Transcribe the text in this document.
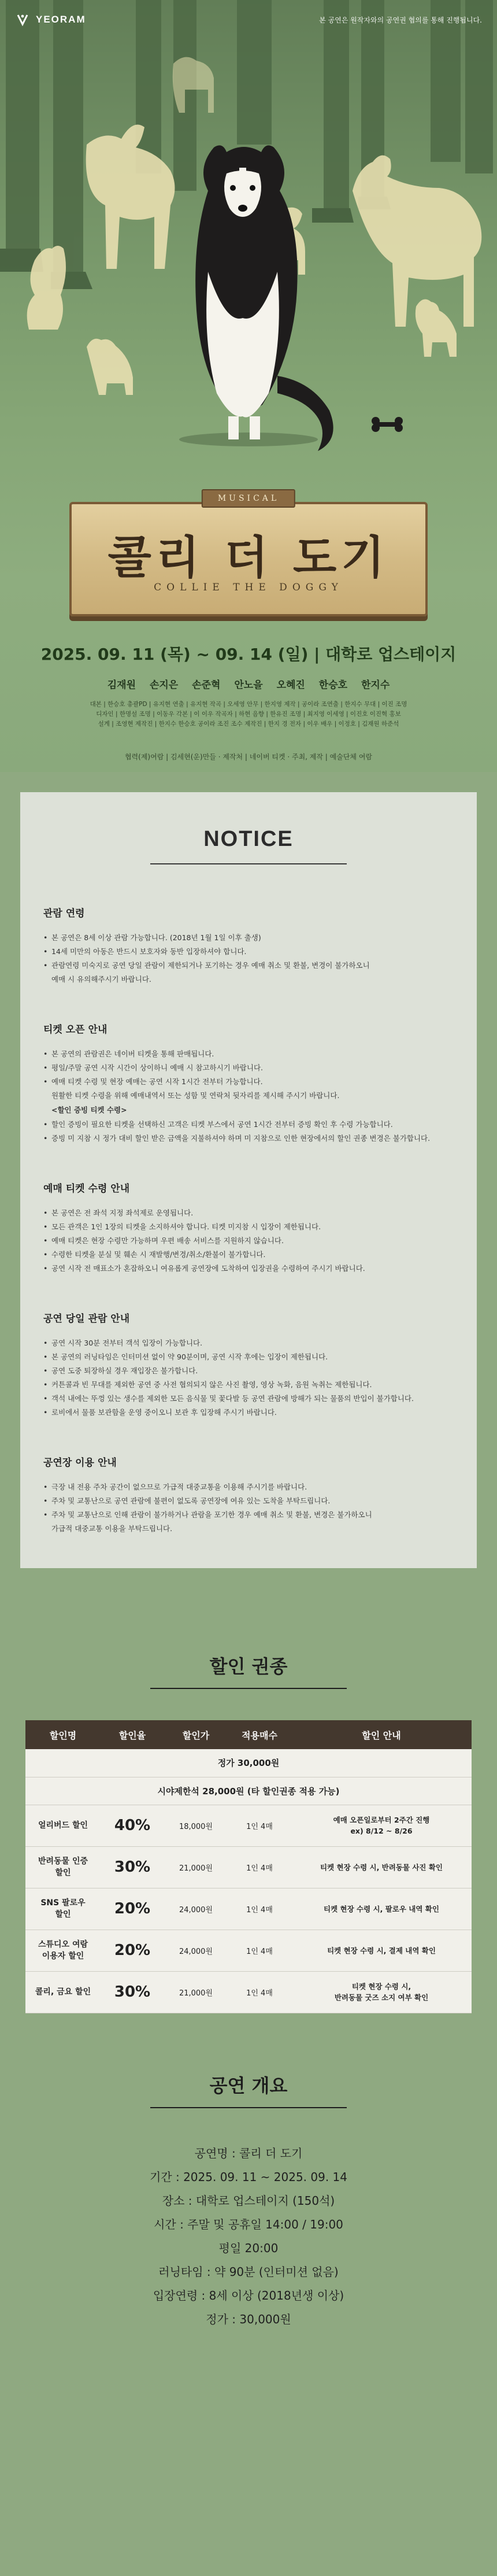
YEORAM	본 공연은 원작자와의 공연권 협의를 통해 진행됩니다.
MUSICAL
콜리 더 도기
COLLIE THE DOGGY
2025. 09. 11 (목) ~ 09. 14 (일) | 대학로 업스테이지
김재원 손지은 손준혁 안노을 오혜진 한승호 한지수
대본 | 한승호 총괄PD | 유지현 연출 | 유지현 작곡 | 오세영 안무 | 한지영 제작 | 공이라 조연출 | 한지수 무대 | 이진 조명
디자인 | 한명설 조명 | 이동우 각본 | 이 이우 작곡자 | 하현 음향 | 한유진 조명 | 최지영 이세영 | 이진호 이진혁 홍보
설계 | 조영현 제작진 | 한지수 한승호 공이라 조진 조수 제작진 | 한지 경 전자 | 이우 배우 | 이정호 | 김재원 하준석
협력(제)여람 | 김세현(운)만들 · 제작처 | 네이버 티켓 · 주최, 제작 | 예술단체 여람
NOTICE
관람 연령
• 본 공연은 8세 이상 관람 가능합니다. (2018년 1월 1일 이후 출생)
• 14세 미만의 아동은 반드시 보호자와 동반 입장하셔야 합니다.
• 관람연령 미숙지로 공연 당일 관람이 제한되거나 포기하는 경우 예매 취소 및 환불, 변경이 불가하오니
예매 시 유의해주시기 바랍니다.
티켓 오픈 안내
• 본 공연의 관람권은 네이버 티켓을 통해 판매됩니다.
• 평일/주말 공연 시작 시간이 상이하니 예매 시 참고하시기 바랍니다.
• 예매 티켓 수령 및 현장 예매는 공연 시작 1시간 전부터 가능합니다.
원활한 티켓 수령을 위해 예매내역서 또는 성함 및 연락처 뒷자리를 제시해 주시기 바랍니다.
<할인 증빙 티켓 수령>
• 할인 증빙이 필요한 티켓을 선택하신 고객은 티켓 부스에서 공연 1시간 전부터 증빙 확인 후 수령 가능합니다.
• 증빙 미 지참 시 정가 대비 할인 받은 금액을 지불하셔야 하며 미 지참으로 인한 현장에서의 할인 권종 변경은 불가합니다.
예매 티켓 수령 안내
• 본 공연은 전 좌석 지정 좌석제로 운영됩니다.
• 모든 관객은 1인 1장의 티켓을 소지하셔야 합니다. 티켓 미지참 시 입장이 제한됩니다.
• 예매 티켓은 현장 수령만 가능하며 우편 배송 서비스를 지원하지 않습니다.
• 수령한 티켓을 분실 및 훼손 시 재발행/변경/취소/환불이 불가합니다.
• 공연 시작 전 매표소가 혼잡하오니 여유롭게 공연장에 도착하여 입장권을 수령하여 주시기 바랍니다.
공연 당일 관람 안내
• 공연 시작 30분 전부터 객석 입장이 가능합니다.
• 본 공연의 러닝타임은 인터미션 없이 약 90분이며, 공연 시작 후에는 입장이 제한됩니다.
• 공연 도중 퇴장하실 경우 재입장은 불가합니다.
• 커튼콜과 빈 무대를 제외한 공연 중 사전 협의되지 않은 사진 촬영, 영상 녹화, 음원 녹취는 제한됩니다.
• 객석 내에는 뚜껑 있는 생수를 제외한 모든 음식물 및 꽃다발 등 공연 관람에 방해가 되는 물품의 반입이 불가합니다.
• 로비에서 물품 보관함을 운영 중이오니 보관 후 입장해 주시기 바랍니다.
공연장 이용 안내
• 극장 내 전용 주차 공간이 없으므로 가급적 대중교통을 이용해 주시기를 바랍니다.
• 주차 및 교통난으로 공연 관람에 불편이 없도록 공연장에 여유 있는 도착을 부탁드립니다.
• 주차 및 교통난으로 인해 관람이 불가하거나 관람을 포기한 경우 예매 취소 및 환불, 변경은 불가하오니
가급적 대중교통 이용을 부탁드립니다.
할인 권종
할인명	할인율	할인가	적용매수	할인 안내
정가 30,000원				
시야제한석 28,000원 (타 할인권종 적용 가능)				

얼리버드 할인	40%	18,000원	1인 4매	예매 오픈일로부터 2주간 진행
ex) 8/12 ~ 8/26

반려동물 인증
할인	30%	21,000원	1인 4매	티켓 현장 수령 시, 반려동물 사진 확인

SNS 팔로우
할인	20%	24,000원	1인 4매	티켓 현장 수령 시, 팔로우 내역 확인

스튜디오 여람
이용자 할인	20%	24,000원	1인 4매	티켓 현장 수령 시, 결제 내역 확인

콜리, 금요 할인	30%	21,000원	1인 4매	티켓 현장 수령 시,
반려동물 굿즈 소지 여부 확인
공연 개요
공연명 : 콜리 더 도기
기간 : 2025. 09. 11 ~ 2025. 09. 14
장소 : 대학로 업스테이지 (150석)
시간 : 주말 및 공휴일 14:00 / 19:00
평일 20:00
러닝타임 : 약 90분 (인터미션 없음)
입장연령 : 8세 이상 (2018년생 이상)
정가 : 30,000원
